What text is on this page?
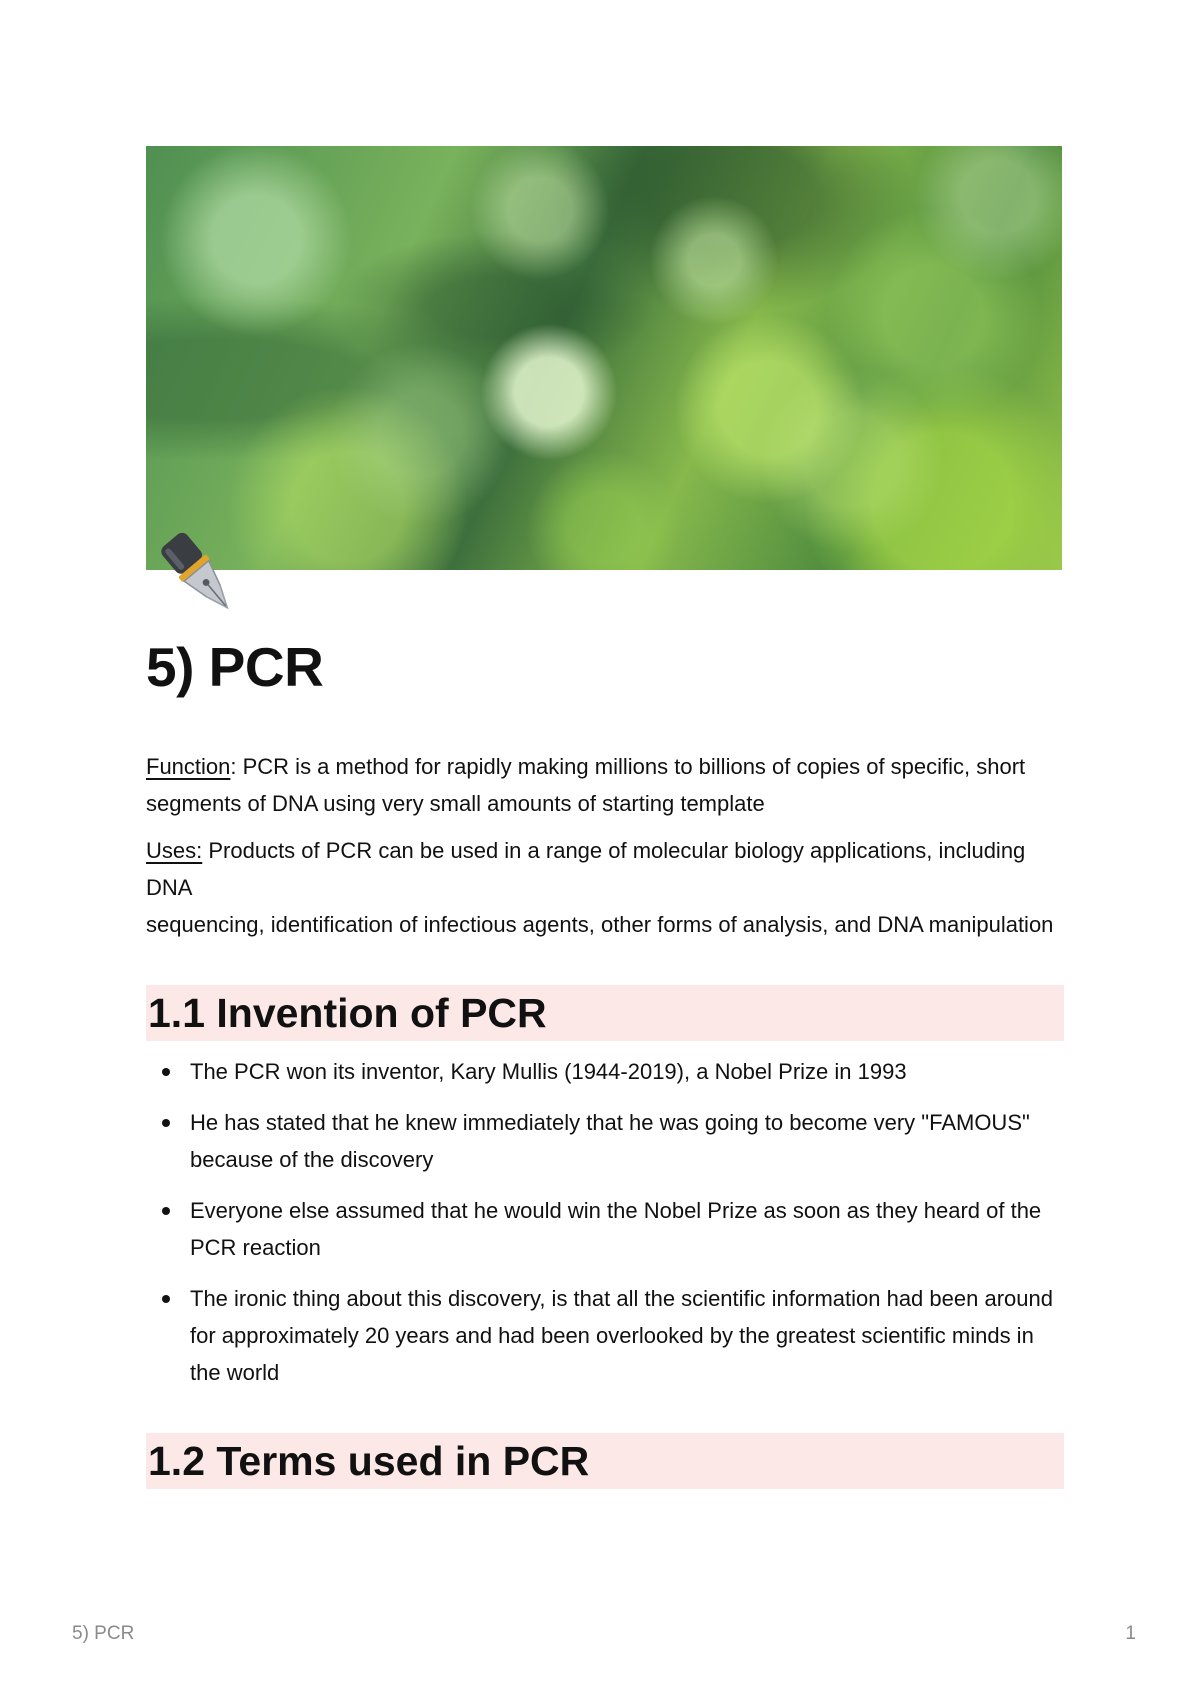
5) PCR

Function: PCR is a method for rapidly making millions to billions of copies of specific, short segments of DNA using very small amounts of starting template

Uses: Products of PCR can be used in a range of molecular biology applications, including DNA
sequencing, identification of infectious agents, other forms of analysis, and DNA manipulation

1.1 Invention of PCR
The PCR won its inventor, Kary Mullis (1944-2019), a Nobel Prize in 1993
He has stated that he knew immediately that he was going to become very "FAMOUS" because of the discovery
Everyone else assumed that he would win the Nobel Prize as soon as they heard of the PCR reaction
The ironic thing about this discovery, is that all the scientific information had been around for approximately 20 years and had been overlooked by the greatest scientific minds in the world
1.2 Terms used in PCR
5) PCR	1
